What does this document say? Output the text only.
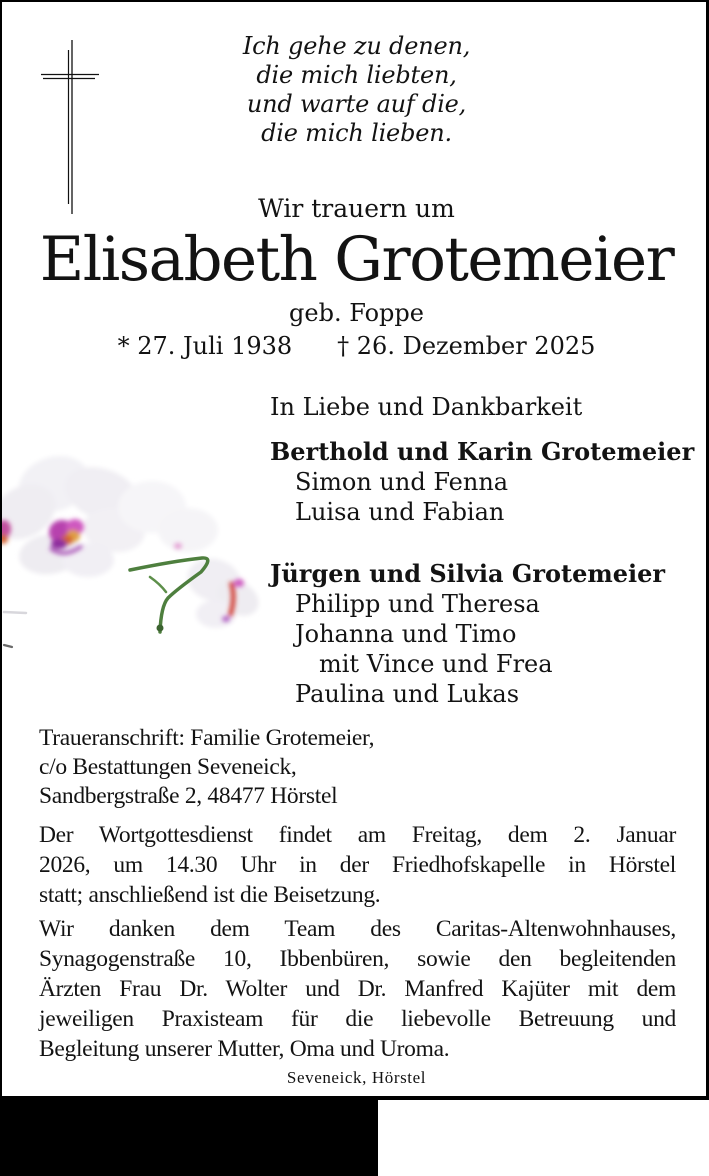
Ich gehe zu denen,
die mich liebten,
und warte auf die,
die mich lieben.
Wir trauern um
Elisabeth Grotemeier
geb. Foppe
* 27. Juli 1938 † 26. Dezember 2025
In Liebe und Dankbarkeit
Berthold und Karin Grotemeier
Simon und Fenna
Luisa und Fabian
Jürgen und Silvia Grotemeier
Philipp und Theresa
Johanna und Timo
mit Vince und Frea
Paulina und Lukas
Traueranschrift: Familie Grotemeier,
c/o Bestattungen Seveneick,
Sandbergstraße 2, 48477 Hörstel
Der Wortgottesdienst findet am Freitag, dem 2. Januar
2026, um 14.30 Uhr in der Friedhofskapelle in Hörstel
statt; anschließend ist die Beisetzung.
Wir danken dem Team des Caritas-Altenwohnhauses,
Synagogenstraße 10, Ibbenbüren, sowie den begleitenden
Ärzten Frau Dr. Wolter und Dr. Manfred Kajüter mit dem
jeweiligen Praxisteam für die liebevolle Betreuung und
Begleitung unserer Mutter, Oma und Uroma.
Seveneick, Hörstel
